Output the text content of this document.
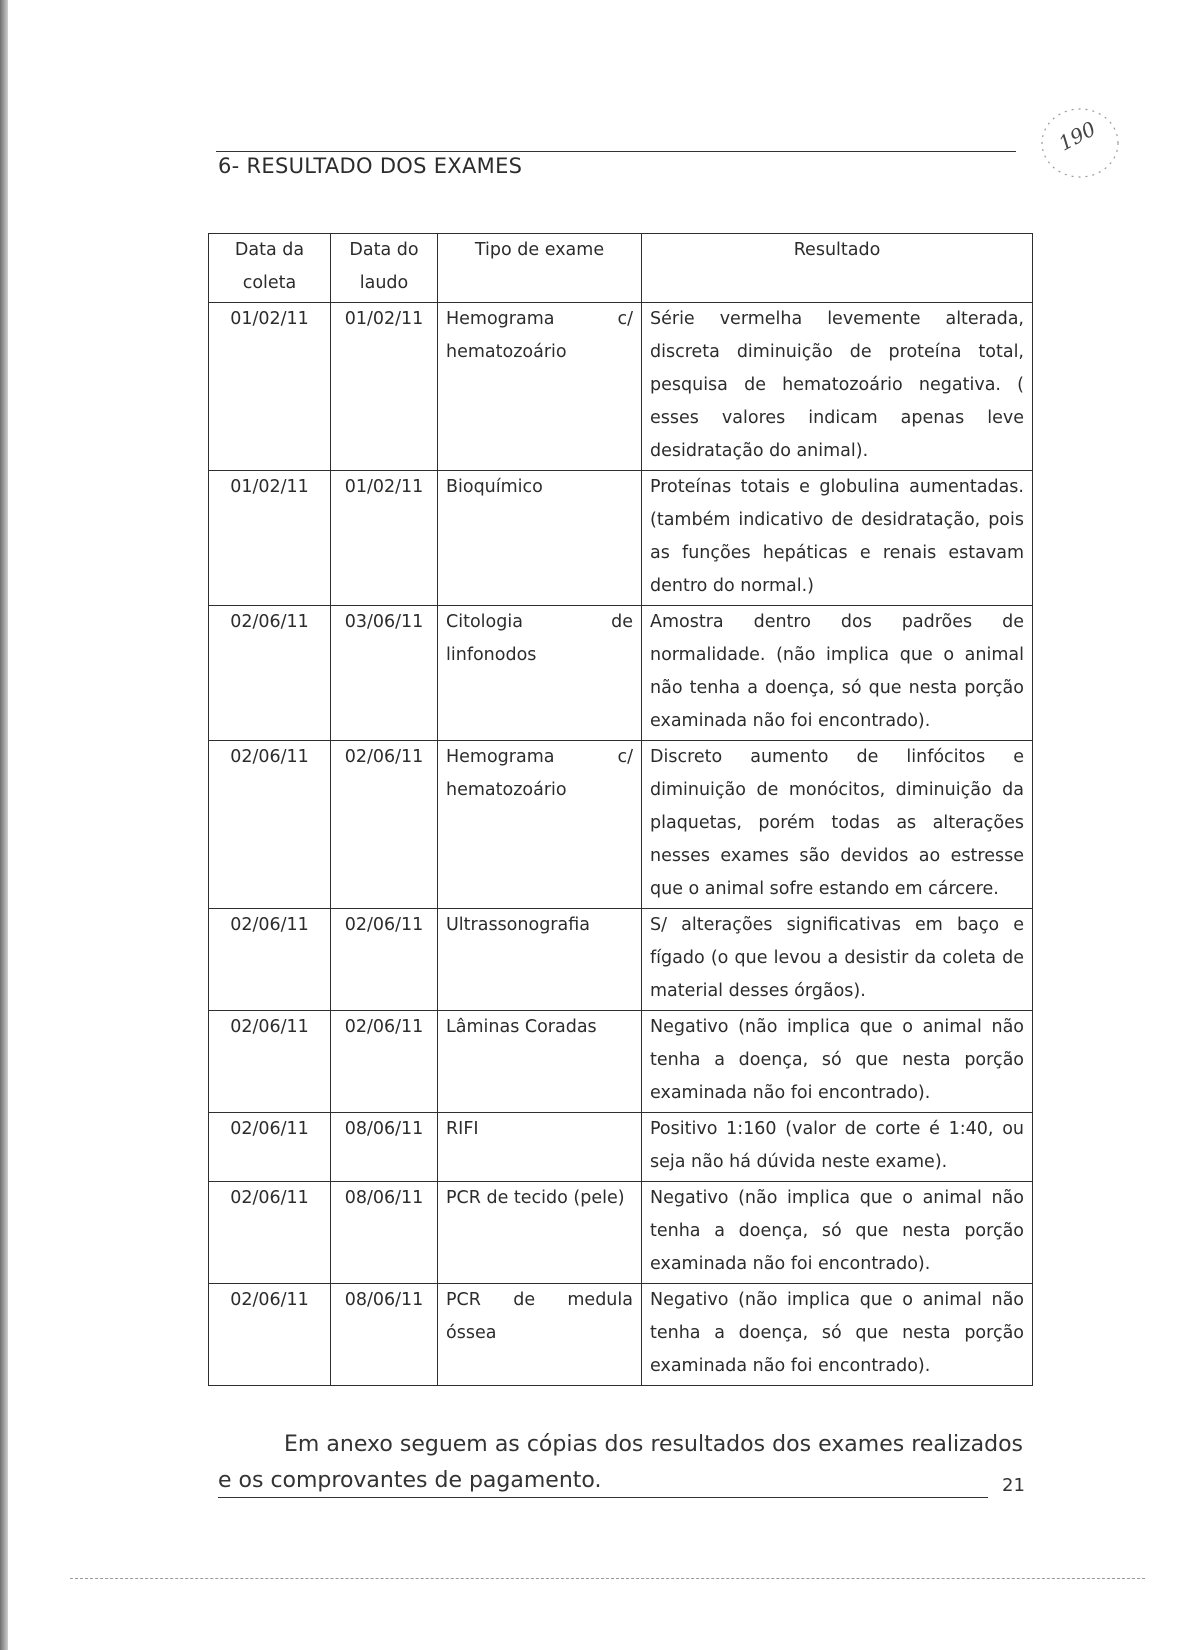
6- RESULTADO DOS EXAMES
190
Data da coleta	Data do laudo	Tipo de exame	Resultado
01/02/11	01/02/11	Hemograma c/ hematozoário	Série vermelha levemente alterada, discreta diminuição de proteína total, pesquisa de hematozoário negativa. ( esses valores indicam apenas leve desidratação do animal).
01/02/11	01/02/11	Bioquímico	Proteínas totais e globulina aumentadas. (também indicativo de desidratação, pois as funções hepáticas e renais estavam dentro do normal.)
02/06/11	03/06/11	Citologia de linfonodos	Amostra dentro dos padrões de normalidade. (não implica que o animal não tenha a doença, só que nesta porção examinada não foi encontrado).
02/06/11	02/06/11	Hemograma c/ hematozoário	Discreto aumento de linfócitos e diminuição de monócitos, diminuição da plaquetas, porém todas as alterações nesses exames são devidos ao estresse que o animal sofre estando em cárcere.
02/06/11	02/06/11	Ultrassonografia	S/ alterações significativas em baço e fígado (o que levou a desistir da coleta de material desses órgãos).
02/06/11	02/06/11	Lâminas Coradas	Negativo (não implica que o animal não tenha a doença, só que nesta porção examinada não foi encontrado).
02/06/11	08/06/11	RIFI	Positivo 1:160 (valor de corte é 1:40, ou seja não há dúvida neste exame).
02/06/11	08/06/11	PCR de tecido (pele)	Negativo (não implica que o animal não tenha a doença, só que nesta porção examinada não foi encontrado).
02/06/11	08/06/11	PCR de medula óssea	Negativo (não implica que o animal não tenha a doença, só que nesta porção examinada não foi encontrado).

Em anexo seguem as cópias dos resultados dos exames realizados e os comprovantes de pagamento.	21
